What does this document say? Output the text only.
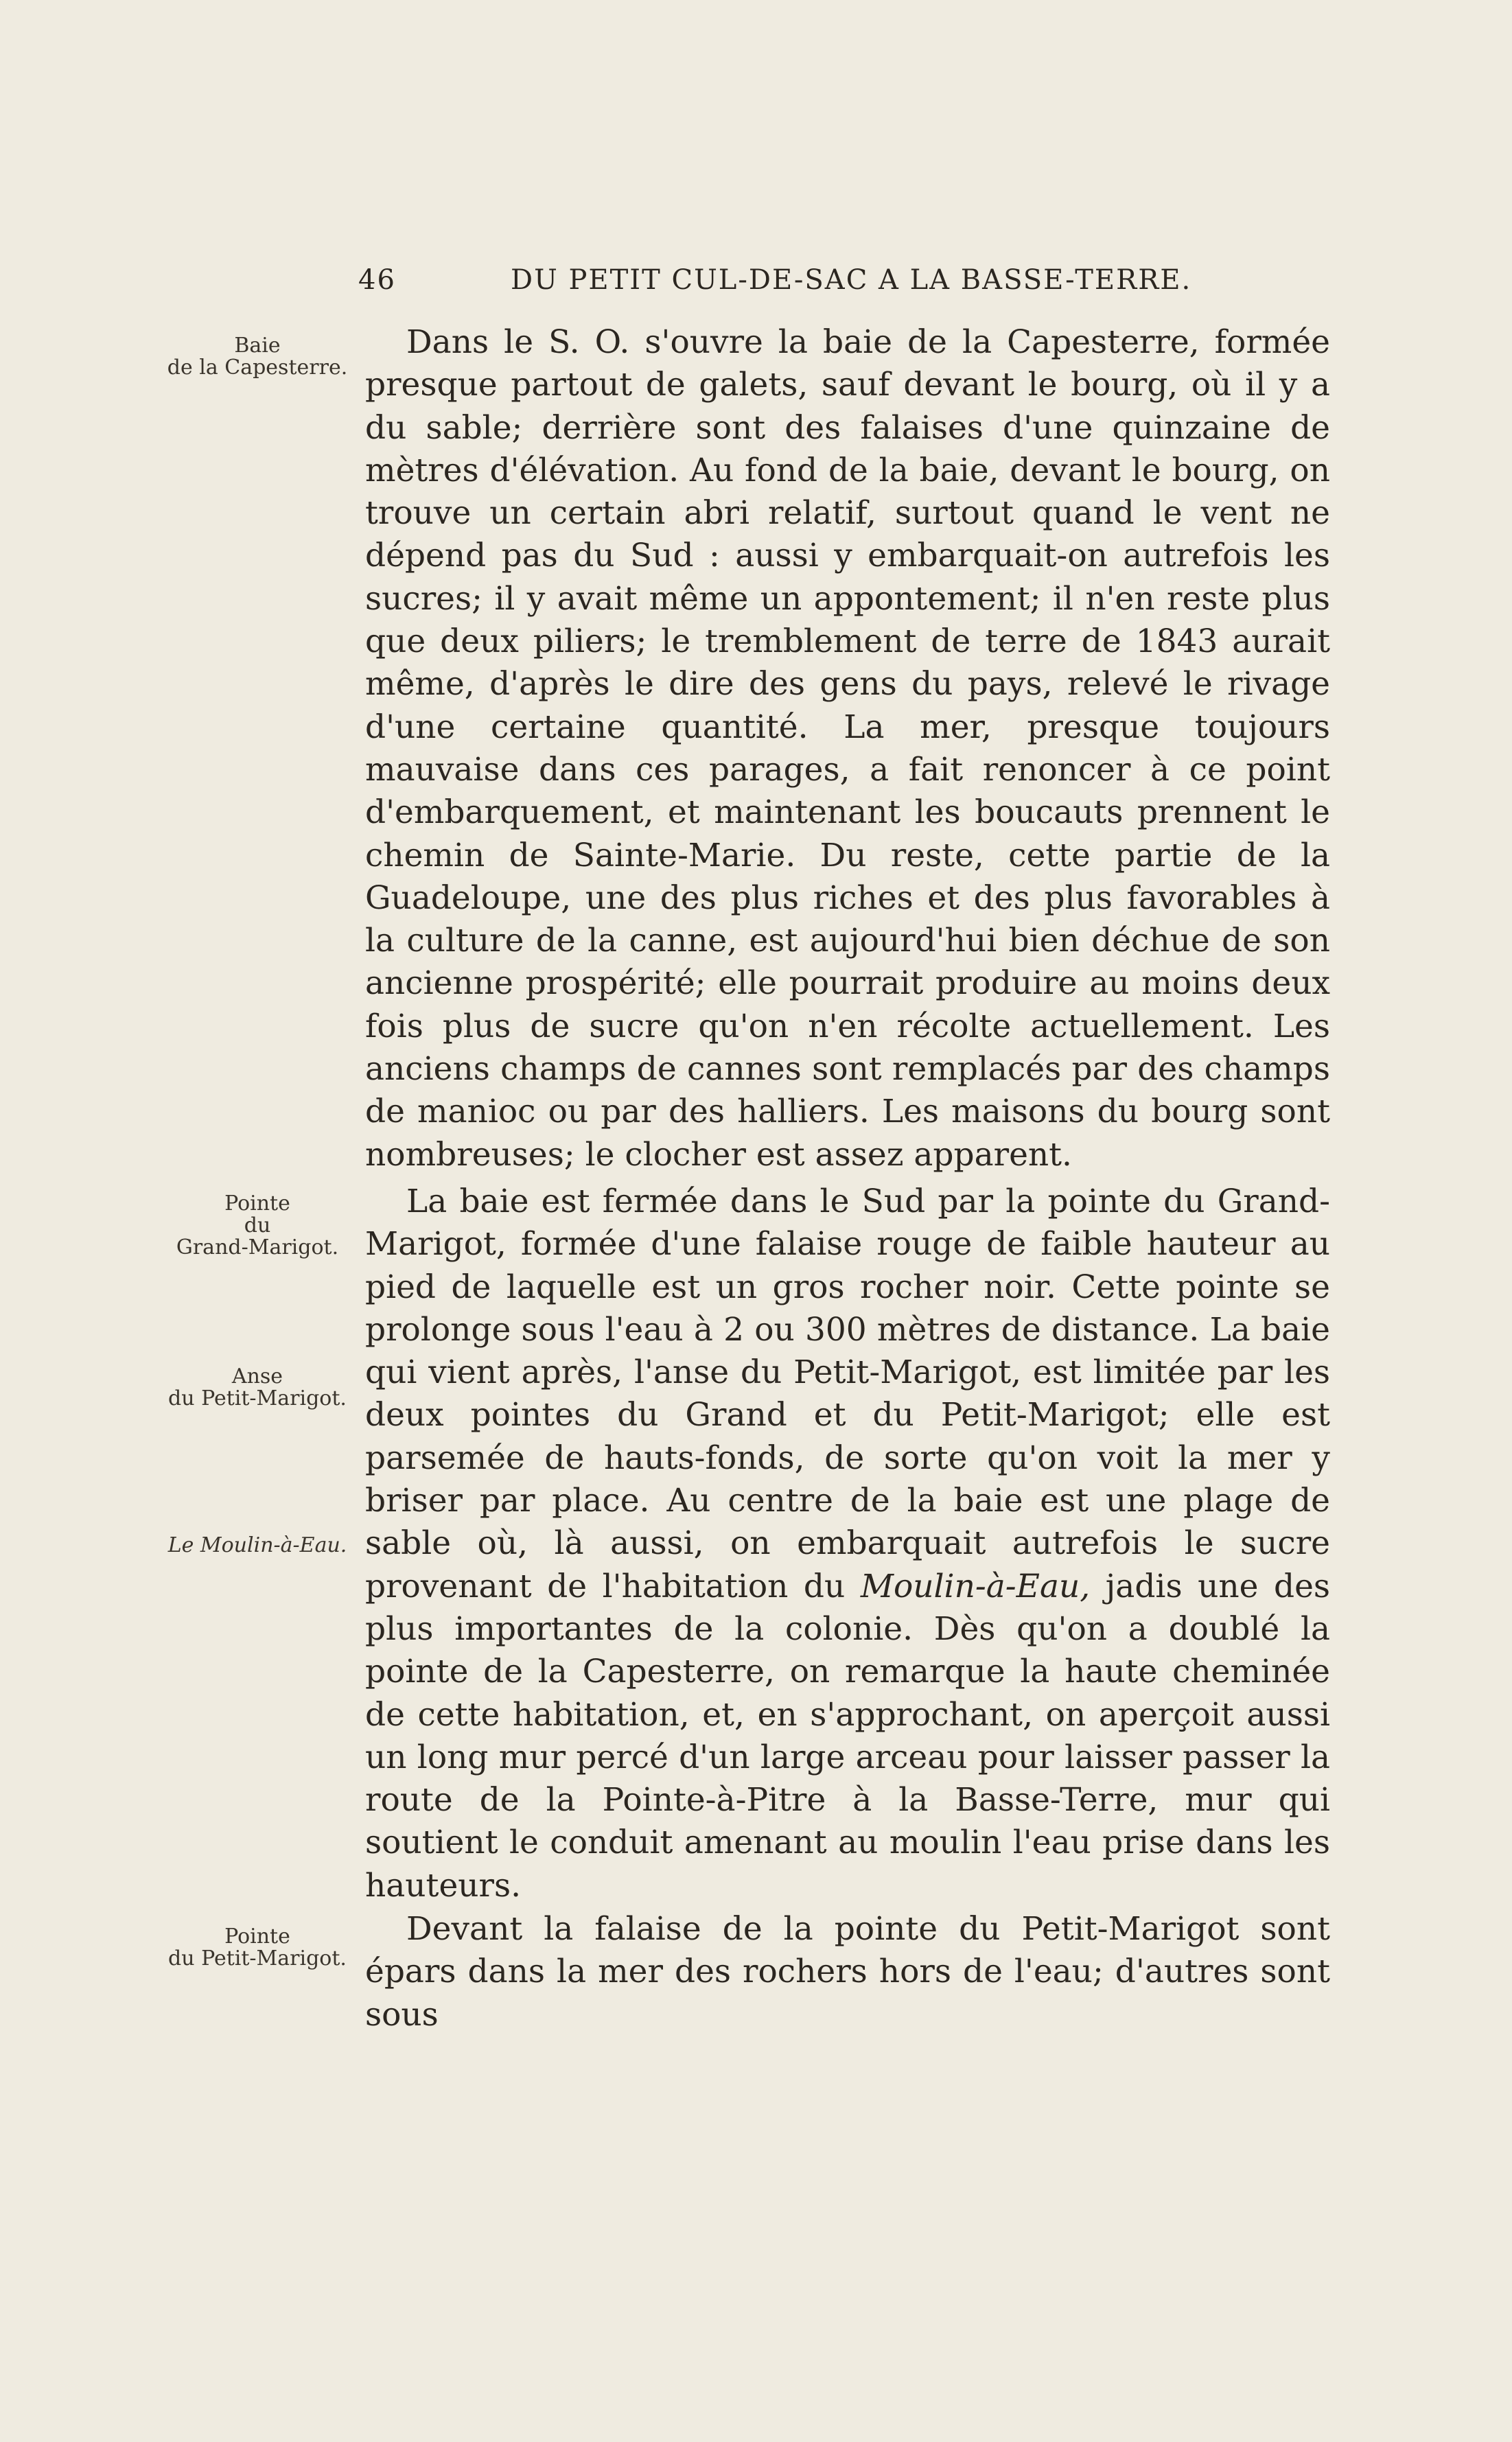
46	DU PETIT CUL-DE-SAC A LA BASSE-TERRE.
Baie
de la Capesterre.
Pointe
du
Grand-Marigot.
Anse
du Petit-Marigot.
Le Moulin-à-Eau.
Pointe
du Petit-Marigot.

Dans le S. O. s'ouvre la baie de la Capesterre, formée presque partout de galets, sauf devant le bourg, où il y a du sable; derrière sont des falaises d'une quinzaine de mètres d'élévation. Au fond de la baie, devant le bourg, on trouve un certain abri relatif, surtout quand le vent ne dépend pas du Sud : aussi y embarquait-on autrefois les sucres; il y avait même un appontement; il n'en reste plus que deux piliers; le tremblement de terre de 1843 aurait même, d'après le dire des gens du pays, relevé le rivage d'une certaine quantité. La mer, presque toujours mauvaise dans ces parages, a fait renoncer à ce point d'embarquement, et maintenant les boucauts prennent le chemin de Sainte-Marie. Du reste, cette partie de la Guadeloupe, une des plus riches et des plus favorables à la culture de la canne, est aujourd'hui bien déchue de son ancienne prospérité; elle pourrait produire au moins deux fois plus de sucre qu'on n'en récolte actuellement. Les anciens champs de cannes sont remplacés par des champs de manioc ou par des halliers. Les maisons du bourg sont nombreuses; le clocher est assez apparent.

La baie est fermée dans le Sud par la pointe du Grand-Marigot, formée d'une falaise rouge de faible hauteur au pied de laquelle est un gros rocher noir. Cette pointe se prolonge sous l'eau à 2 ou 300 mètres de distance. La baie qui vient après, l'anse du Petit-Marigot, est limitée par les deux pointes du Grand et du Petit-Marigot; elle est parsemée de hauts-fonds, de sorte qu'on voit la mer y briser par place. Au centre de la baie est une plage de sable où, là aussi, on embarquait autrefois le sucre provenant de l'habitation du Moulin-à-Eau, jadis une des plus importantes de la colonie. Dès qu'on a doublé la pointe de la Capesterre, on remarque la haute cheminée de cette habitation, et, en s'approchant, on aperçoit aussi un long mur percé d'un large arceau pour laisser passer la route de la Pointe-à-Pitre à la Basse-Terre, mur qui soutient le conduit amenant au moulin l'eau prise dans les hauteurs.

Devant la falaise de la pointe du Petit-Marigot sont épars dans la mer des rochers hors de l'eau; d'autres sont sous
